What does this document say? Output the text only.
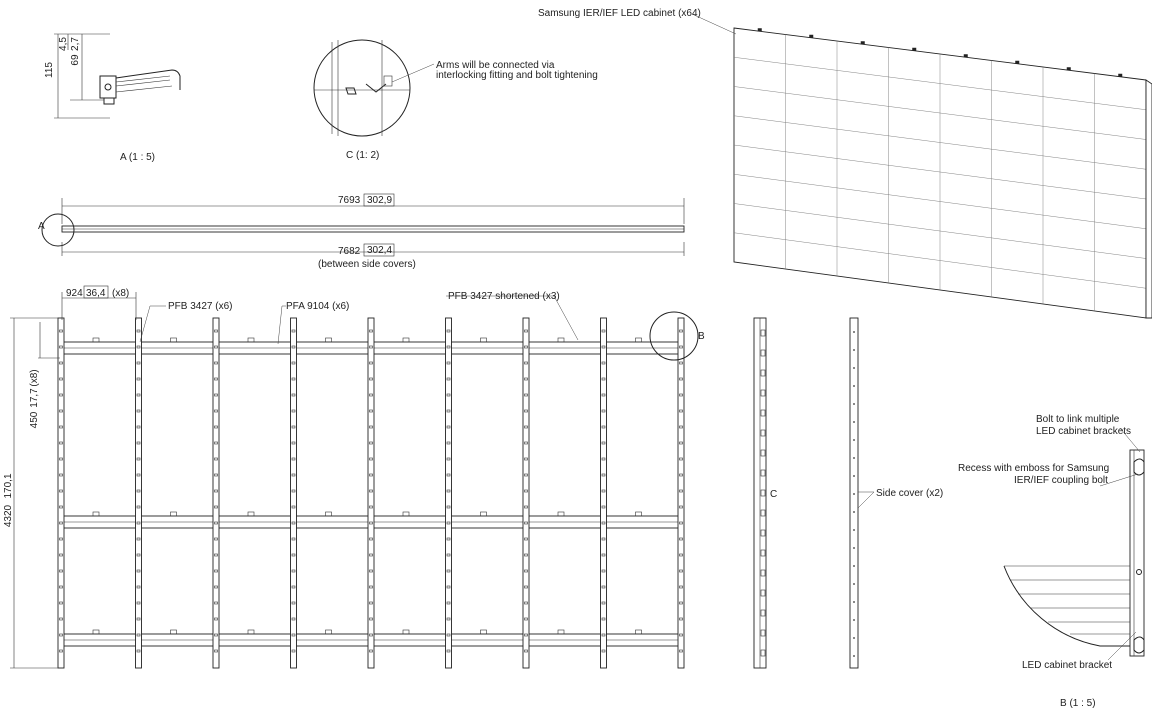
115
4,5
69
2,7
A (1 : 5)
Arms will be connected via
interlocking fitting and bolt tightening
C (1: 2)
7693 302,9
7682 302,4
(between side covers)
A
4320
170,1
450
17,7
(x8)
924 36,4 (x8)
PFB 3427 (x6)	PFA 9104 (x6)
PFB 3427 shortened (x3)
B
C	Side cover (x2)
Bolt to link multiple
LED cabinet brackets
Recess with emboss for Samsung
IER/IEF coupling bolt
LED cabinet bracket
B (1 : 5)
Samsung IER/IEF LED cabinet (x64)
